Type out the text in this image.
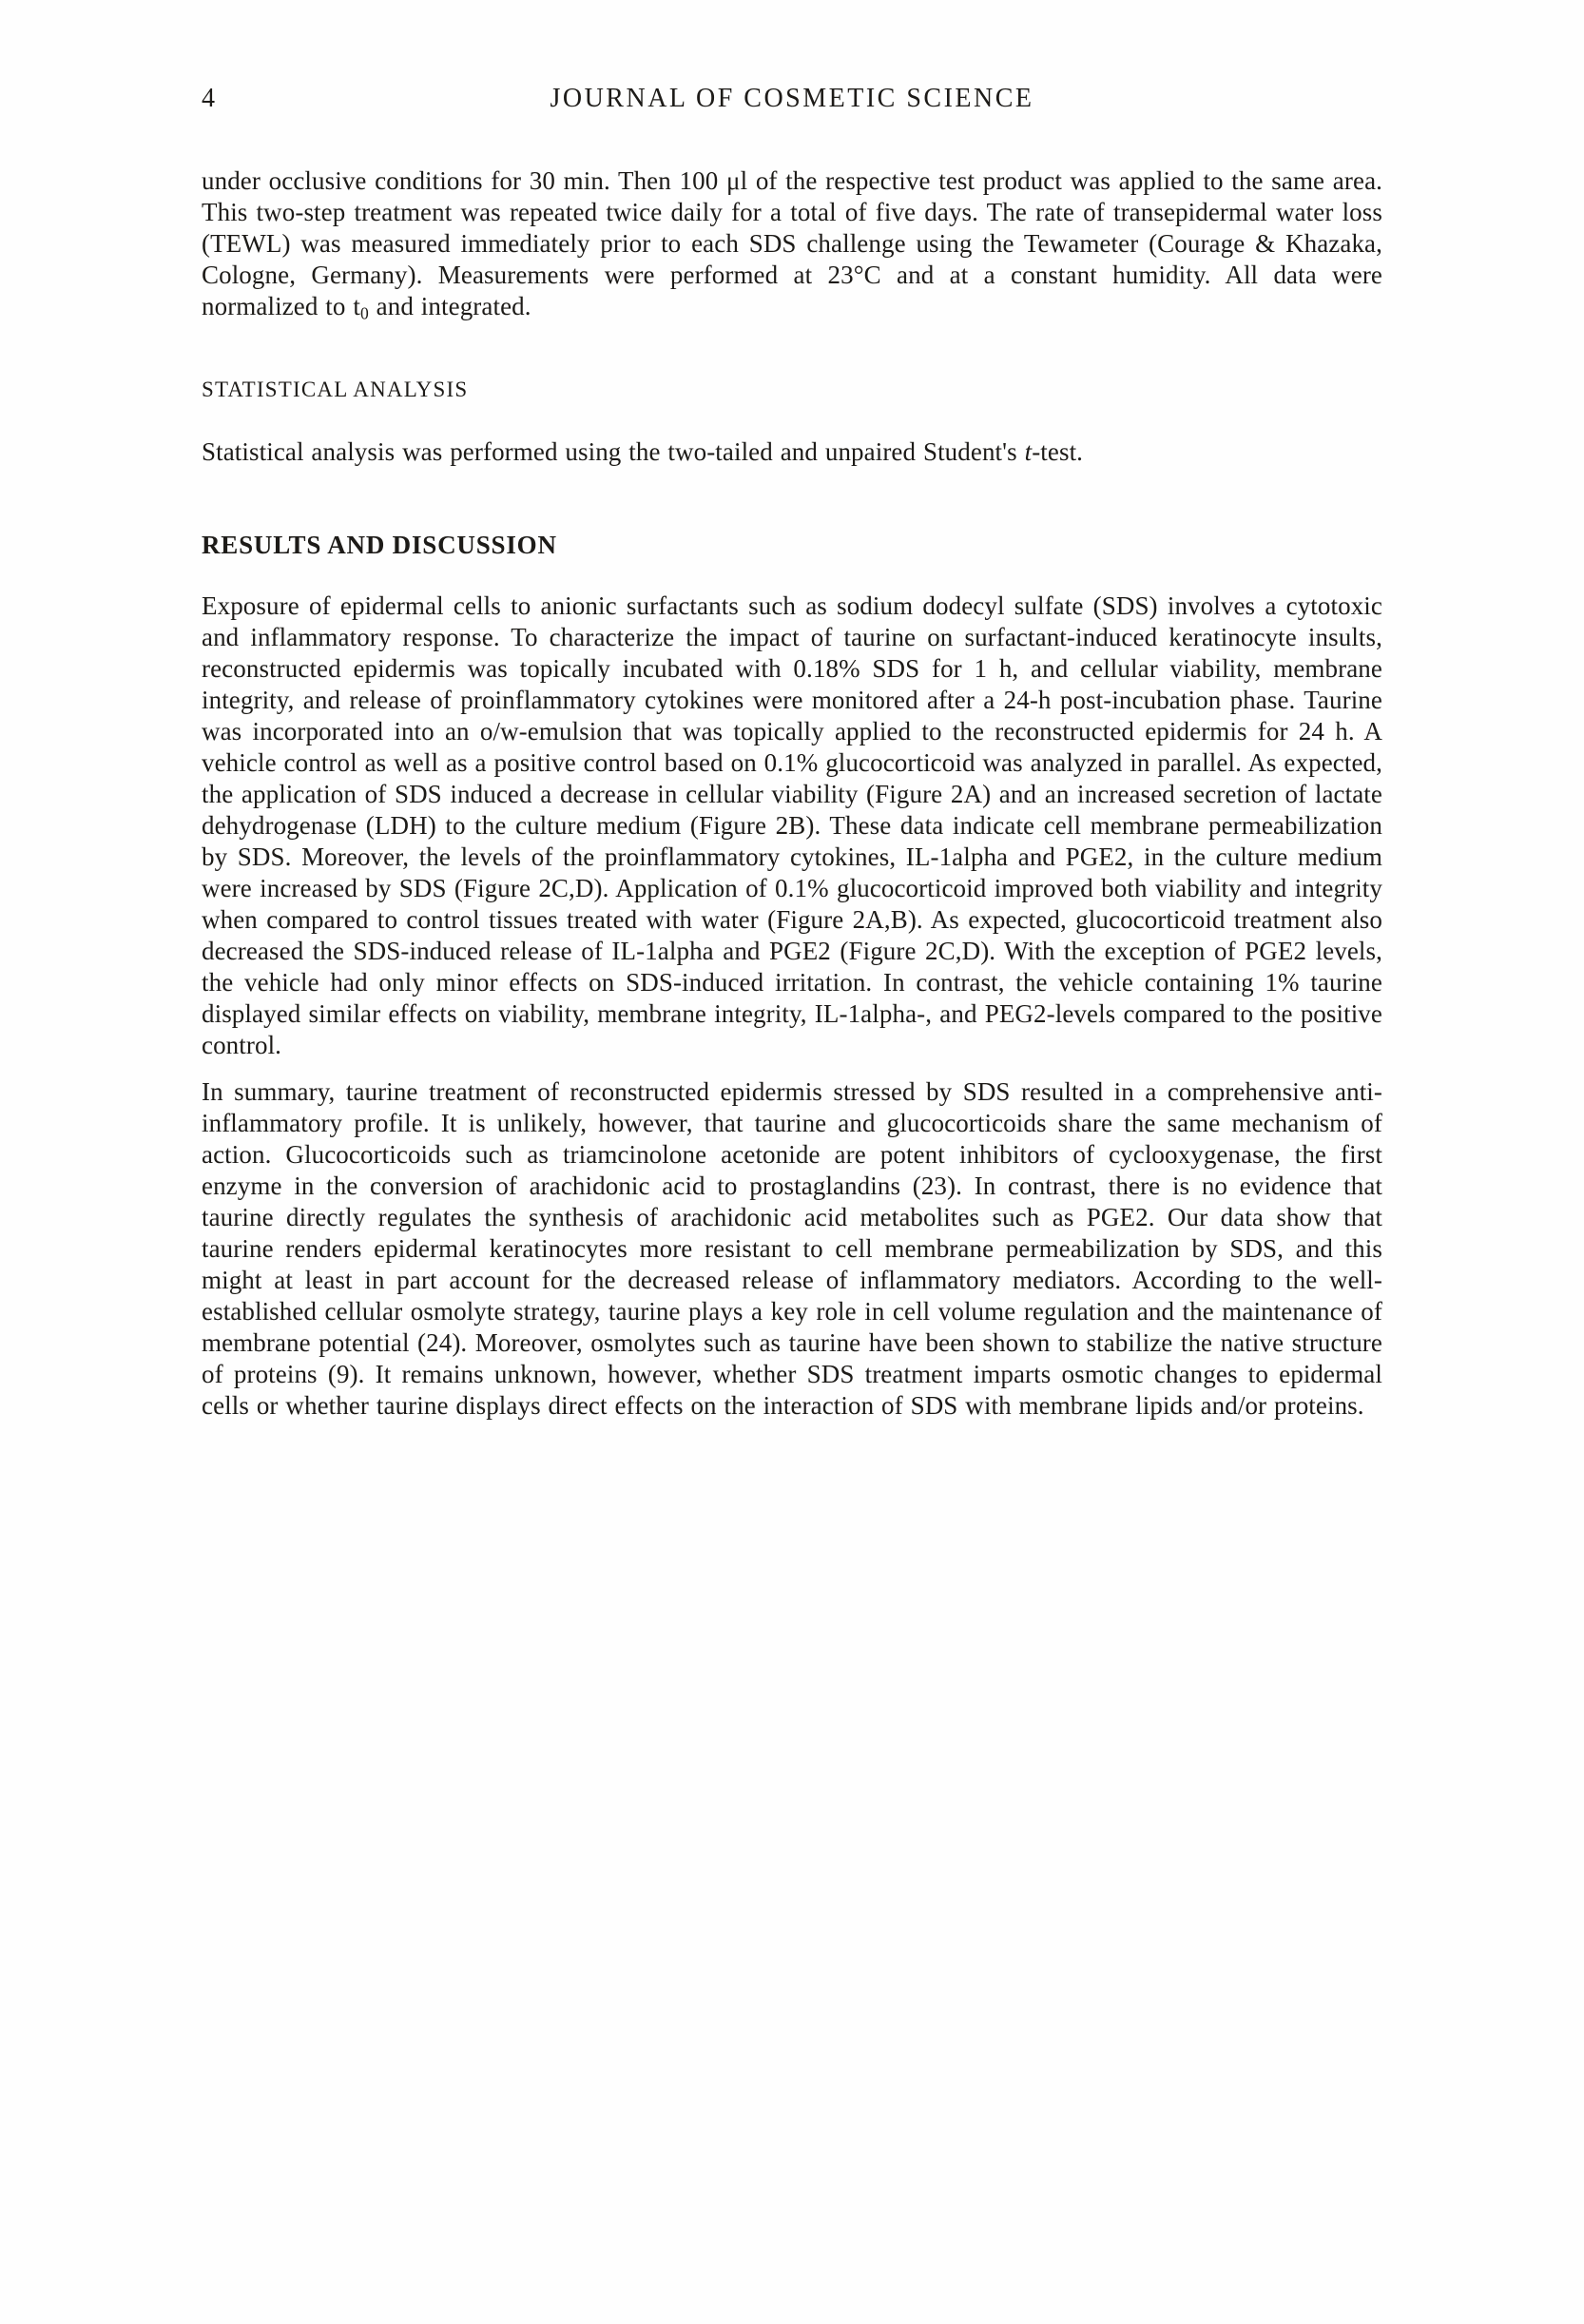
4	JOURNAL OF COSMETIC SCIENCE

under occlusive conditions for 30 min. Then 100 μl of the respective test product was applied to the same area. This two-step treatment was repeated twice daily for a total of five days. The rate of transepidermal water loss (TEWL) was measured immediately prior to each SDS challenge using the Tewameter (Courage & Khazaka, Cologne, Germany). Measurements were performed at 23°C and at a constant humidity. All data were normalized to $t_0$ and integrated.

STATISTICAL ANALYSIS

Statistical analysis was performed using the two-tailed and unpaired Student's t-test.

RESULTS AND DISCUSSION

Exposure of epidermal cells to anionic surfactants such as sodium dodecyl sulfate (SDS) involves a cytotoxic and inflammatory response. To characterize the impact of taurine on surfactant-induced keratinocyte insults, reconstructed epidermis was topically incubated with 0.18% SDS for 1 h, and cellular viability, membrane integrity, and release of proinflammatory cytokines were monitored after a 24-h post-incubation phase. Taurine was incorporated into an o/w-emulsion that was topically applied to the reconstructed epidermis for 24 h. A vehicle control as well as a positive control based on 0.1% glucocorticoid was analyzed in parallel. As expected, the application of SDS induced a decrease in cellular viability (Figure 2A) and an increased secretion of lactate dehydrogenase (LDH) to the culture medium (Figure 2B). These data indicate cell membrane permeabilization by SDS. Moreover, the levels of the proinflammatory cytokines, IL-1alpha and PGE2, in the culture medium were increased by SDS (Figure 2C,D). Application of 0.1% glucocorticoid improved both viability and integrity when compared to control tissues treated with water (Figure 2A,B). As expected, glucocorticoid treatment also decreased the SDS-induced release of IL-1alpha and PGE2 (Figure 2C,D). With the exception of PGE2 levels, the vehicle had only minor effects on SDS-induced irritation. In contrast, the vehicle containing 1% taurine displayed similar effects on viability, membrane integrity, IL-1alpha-, and PEG2-levels compared to the positive control.

In summary, taurine treatment of reconstructed epidermis stressed by SDS resulted in a comprehensive anti-inflammatory profile. It is unlikely, however, that taurine and glucocorticoids share the same mechanism of action. Glucocorticoids such as triamcinolone acetonide are potent inhibitors of cyclooxygenase, the first enzyme in the conversion of arachidonic acid to prostaglandins (23). In contrast, there is no evidence that taurine directly regulates the synthesis of arachidonic acid metabolites such as PGE2. Our data show that taurine renders epidermal keratinocytes more resistant to cell membrane permeabilization by SDS, and this might at least in part account for the decreased release of inflammatory mediators. According to the well-established cellular osmolyte strategy, taurine plays a key role in cell volume regulation and the maintenance of membrane potential (24). Moreover, osmolytes such as taurine have been shown to stabilize the native structure of proteins (9). It remains unknown, however, whether SDS treatment imparts osmotic changes to epidermal cells or whether taurine displays direct effects on the interaction of SDS with membrane lipids and/or proteins.
